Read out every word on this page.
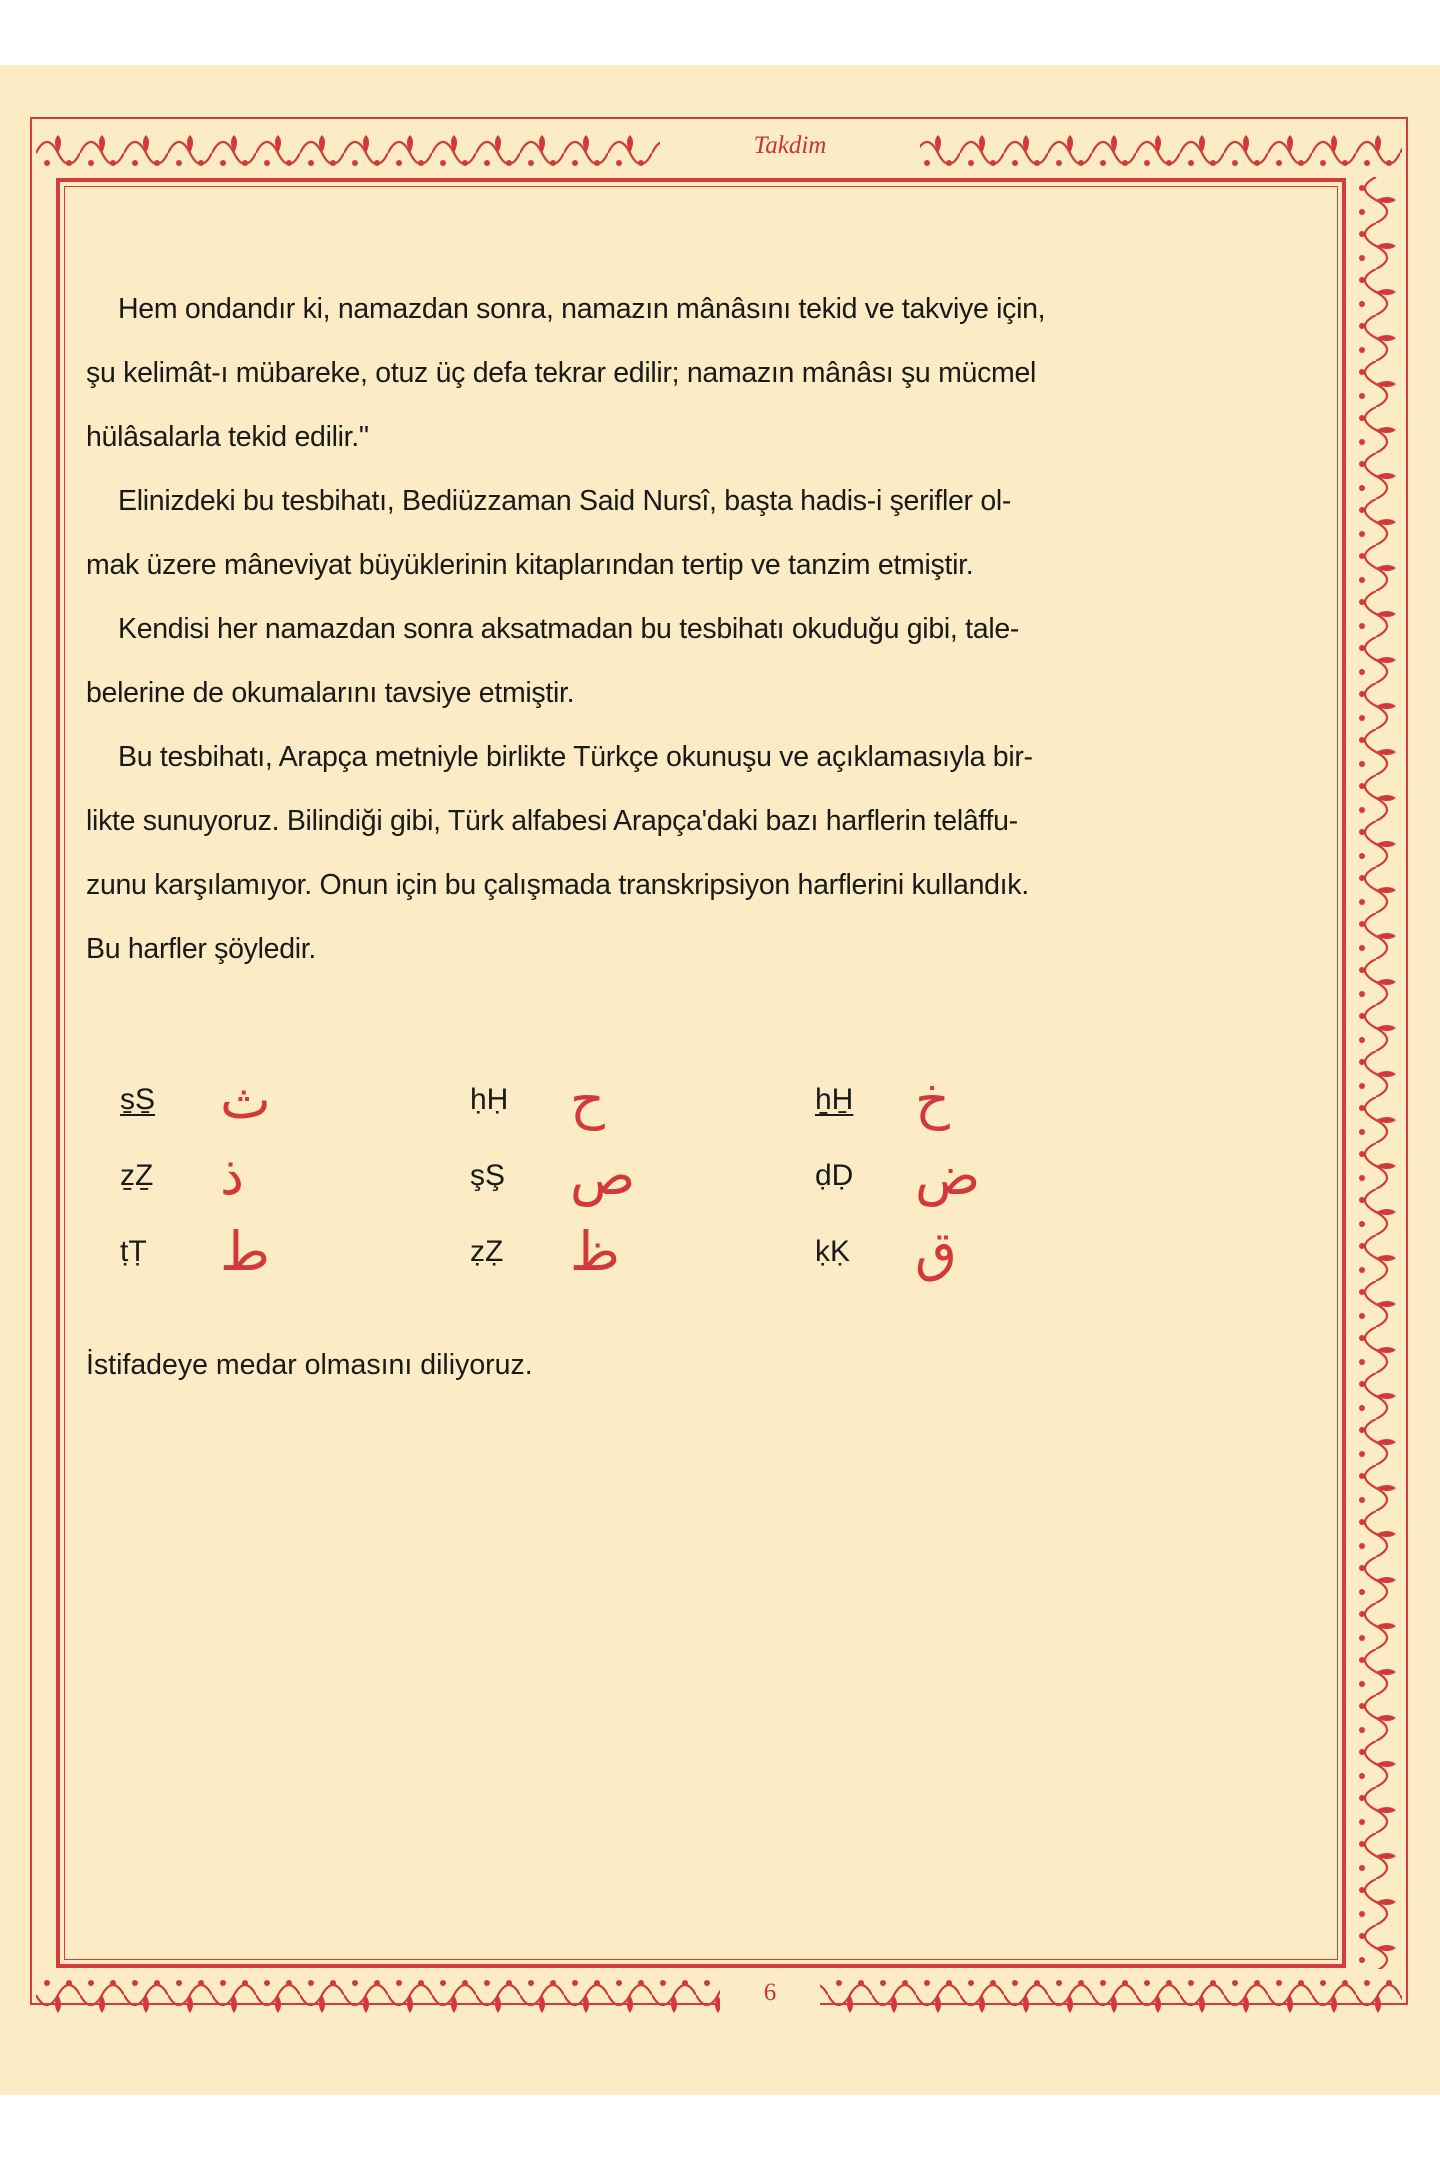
Takdim

Hem ondandır ki, namazdan sonra, namazın mânâsını tekid ve takviye için,
şu kelimât-ı mübareke, otuz üç defa tekrar edilir; namazın mânâsı şu mücmel
hülâsalarla tekid edilir."

Elinizdeki bu tesbihatı, Bediüzzaman Said Nursî, başta hadis-i şerifler ol-
mak üzere mâneviyat büyüklerinin kitaplarından tertip ve tanzim etmiştir.

Kendisi her namazdan sonra aksatmadan bu tesbihatı okuduğu gibi, tale-
belerine de okumalarını tavsiye etmiştir.

Bu tesbihatı, Arapça metniyle birlikte Türkçe okunuşu ve açıklamasıyla bir-
likte sunuyoruz. Bilindiği gibi, Türk alfabesi Arapça'daki bazı harflerin telâffu-
zunu karşılamıyor. Onun için bu çalışmada transkripsiyon harflerini kullandık.
Bu harfler şöyledir.

s̱S̱	ث	ḥḤ	ح	ẖH̱	خ
ẕẔ	ذ	şŞ	ص	ḍḌ	ض
ṭṬ	ط	ẓẒ	ظ	ḳḲ	ق
İstifadeye medar olmasını diliyoruz.
6
